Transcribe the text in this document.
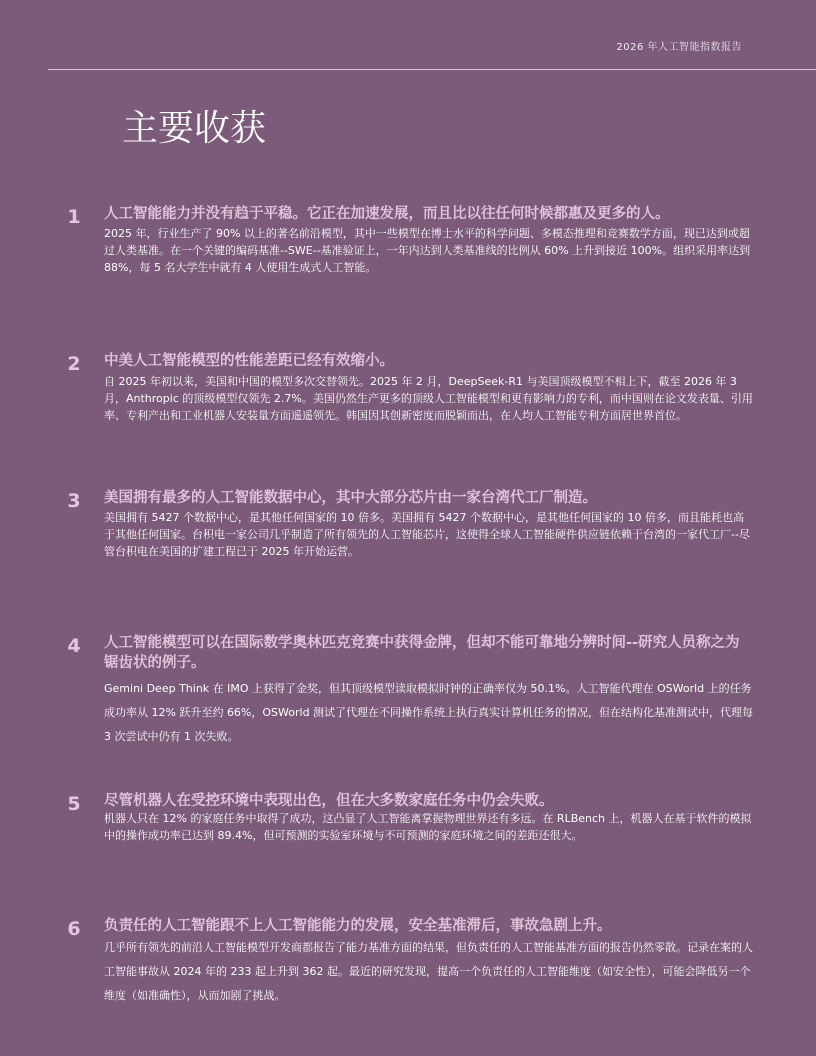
2026 年人工智能指数报告
主要收获
1 人工智能能力并没有趋于平稳。它正在加速发展，而且比以往任何时候都惠及更多的人。

2025 年，行业生产了 90% 以上的著名前沿模型，其中一些模型在博士水平的科学问题、多模态推理和竞赛数学方面，现已达到或超过人类基准。在一个关键的编码基准--SWE--基准验证上，一年内达到人类基准线的比例从 60% 上升到接近 100%。组织采用率达到 88%，每 5 名大学生中就有 4 人使用生成式人工智能。

2 中美人工智能模型的性能差距已经有效缩小。

自 2025 年初以来，美国和中国的模型多次交替领先。2025 年 2 月，DeepSeek-R1 与美国顶级模型不相上下，截至 2026 年 3 月，Anthropic 的顶级模型仅领先 2.7%。美国仍然生产更多的顶级人工智能模型和更有影响力的专利，而中国则在论文发表量、引用率、专利产出和工业机器人安装量方面遥遥领先。韩国因其创新密度而脱颖而出，在人均人工智能专利方面居世界首位。

3 美国拥有最多的人工智能数据中心，其中大部分芯片由一家台湾代工厂制造。

美国拥有 5427 个数据中心，是其他任何国家的 10 倍多。美国拥有 5427 个数据中心，是其他任何国家的 10 倍多，而且能耗也高于其他任何国家。台积电一家公司几乎制造了所有领先的人工智能芯片，这使得全球人工智能硬件供应链依赖于台湾的一家代工厂--尽管台积电在美国的扩建工程已于 2025 年开始运营。

4 人工智能模型可以在国际数学奥林匹克竞赛中获得金牌，但却不能可靠地分辨时间--研究人员称之为锯齿状的例子。

Gemini Deep Think 在 IMO 上获得了金奖，但其顶级模型读取模拟时钟的正确率仅为 50.1%。人工智能代理在 OSWorld 上的任务成功率从 12% 跃升至约 66%，OSWorld 测试了代理在不同操作系统上执行真实计算机任务的情况，但在结构化基准测试中，代理每 3 次尝试中仍有 1 次失败。

5 尽管机器人在受控环境中表现出色，但在大多数家庭任务中仍会失败。

机器人只在 12% 的家庭任务中取得了成功，这凸显了人工智能离掌握物理世界还有多远。在 RLBench 上，机器人在基于软件的模拟中的操作成功率已达到 89.4%，但可预测的实验室环境与不可预测的家庭环境之间的差距还很大。

6 负责任的人工智能跟不上人工智能能力的发展，安全基准滞后，事故急剧上升。

几乎所有领先的前沿人工智能模型开发商都报告了能力基准方面的结果，但负责任的人工智能基准方面的报告仍然零散。记录在案的人工智能事故从 2024 年的 233 起上升到 362 起。最近的研究发现，提高一个负责任的人工智能维度（如安全性），可能会降低另一个维度（如准确性），从而加剧了挑战。
